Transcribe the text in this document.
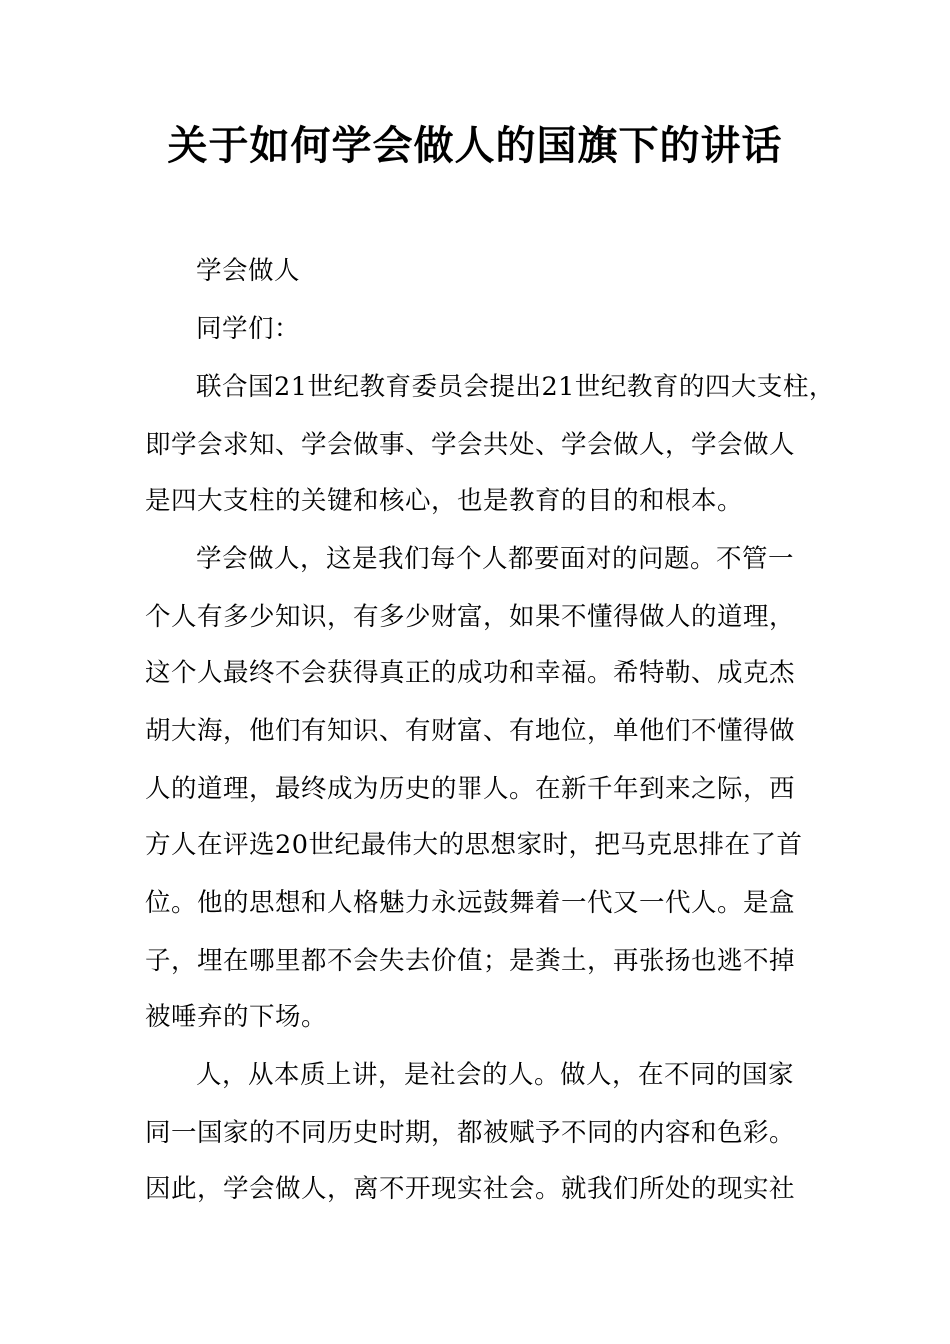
关于如何学会做人的国旗下的讲话
学会做人
同学们：
联合国21世纪教育委员会提出21世纪教育的四大支柱，
即学会求知、学会做事、学会共处、学会做人，学会做人
是四大支柱的关键和核心，也是教育的目的和根本。
学会做人，这是我们每个人都要面对的问题。不管一
个人有多少知识，有多少财富，如果不懂得做人的道理，
这个人最终不会获得真正的成功和幸福。希特勒、成克杰
胡大海，他们有知识、有财富、有地位，单他们不懂得做
人的道理，最终成为历史的罪人。在新千年到来之际，西
方人在评选20世纪最伟大的思想家时，把马克思排在了首
位。他的思想和人格魅力永远鼓舞着一代又一代人。是盒
子，埋在哪里都不会失去价值；是粪土，再张扬也逃不掉
被唾弃的下场。
人，从本质上讲，是社会的人。做人，在不同的国家
同一国家的不同历史时期，都被赋予不同的内容和色彩。
因此，学会做人，离不开现实社会。就我们所处的现实社
